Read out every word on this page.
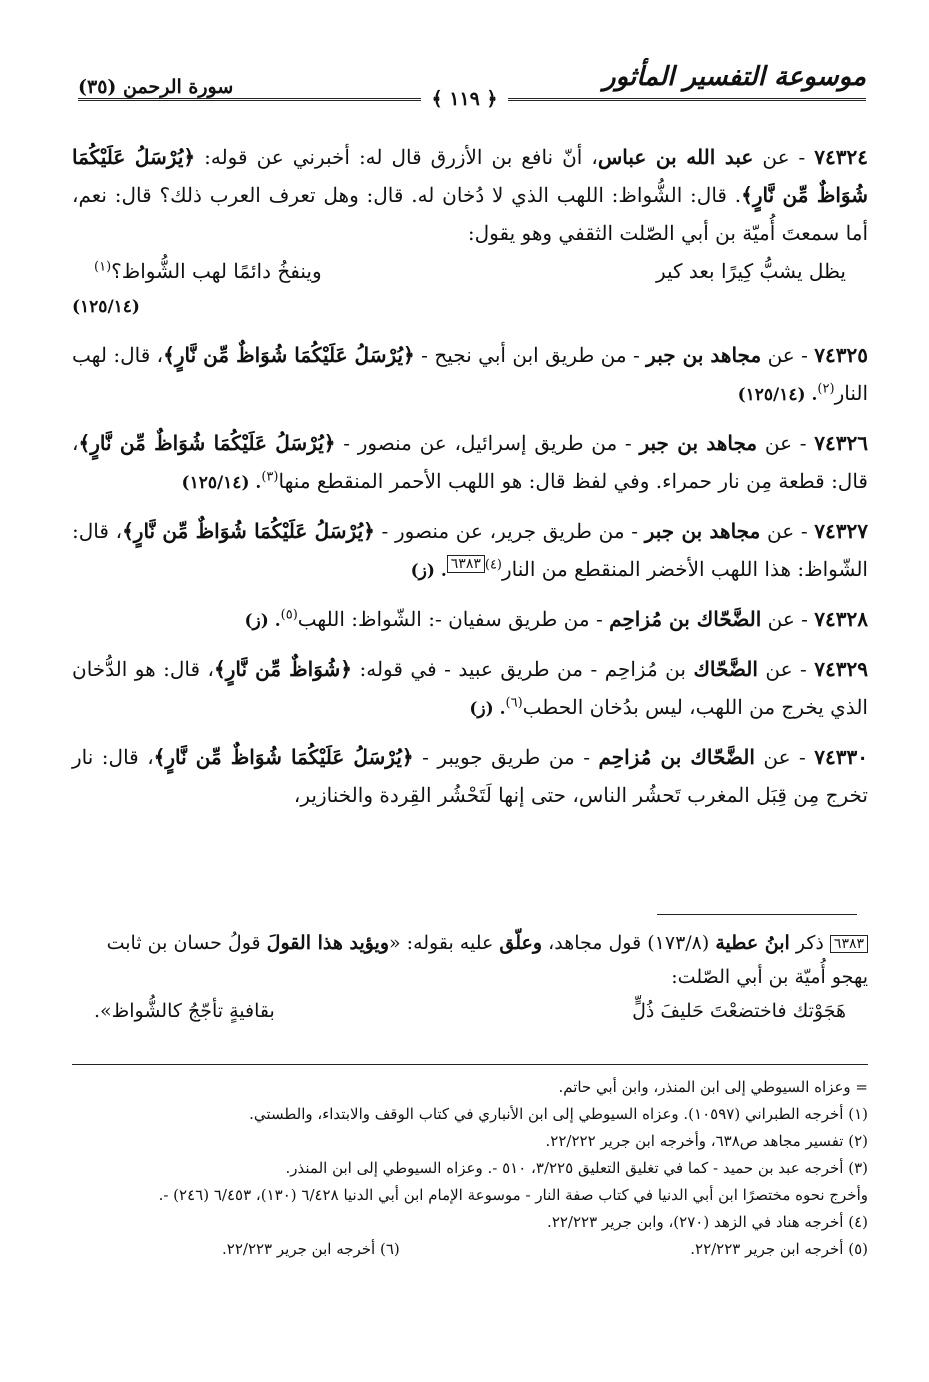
موسوعة التفسير المأثور
سورة الرحمن (٣٥)
﴿ ١١٩ ﴾
٧٤٣٢٤ - عن عبد الله بن عباس، أنّ نافع بن الأزرق قال له: أخبرني عن قوله: ﴿يُرْسَلُ عَلَيْكُمَا شُوَاظٌ مِّن نَّارٍ﴾. قال: الشُّواظ: اللهب الذي لا دُخان له. قال: وهل تعرف العرب ذلك؟ قال: نعم، أما سمعتَ أُميّة بن أبي الصّلت الثقفي وهو يقول:
يظل يشبُّ كِيرًا بعد كير
وينفخُ دائمًا لهب الشُّواظ؟$^{(١)}$
(١٢٥/١٤)
٧٤٣٢٥ - عن مجاهد بن جبر - من طريق ابن أبي نجيح - ﴿يُرْسَلُ عَلَيْكُمَا شُوَاظٌ مِّن نَّارٍ﴾، قال: لهب النار$^{(٢)}$. (١٢٥/١٤)
٧٤٣٢٦ - عن مجاهد بن جبر - من طريق إسرائيل، عن منصور - ﴿يُرْسَلُ عَلَيْكُمَا شُوَاظٌ مِّن نَّارٍ﴾، قال: قطعة مِن نار حمراء. وفي لفظ قال: هو اللهب الأحمر المنقطع منها$^{(٣)}$. (١٢٥/١٤)
٧٤٣٢٧ - عن مجاهد بن جبر - من طريق جرير، عن منصور - ﴿يُرْسَلُ عَلَيْكُمَا شُوَاظٌ مِّن نَّارٍ﴾، قال: الشّواظ: هذا اللهب الأخضر المنقطع من النار$^{(٤)}$٦٣٨٣. (ز)
٧٤٣٢٨ - عن الضَّحّاك بن مُزاحِم - من طريق سفيان -: الشّواظ: اللهب$^{(٥)}$. (ز)
٧٤٣٢٩ - عن الضَّحّاك بن مُزاحِم - من طريق عبيد - في قوله: ﴿شُوَاظٌ مِّن نَّارٍ﴾، قال: هو الدُّخان الذي يخرج من اللهب، ليس بدُخان الحطب$^{(٦)}$. (ز)
٧٤٣٣٠ - عن الضَّحّاك بن مُزاحِم - من طريق جويبر - ﴿يُرْسَلُ عَلَيْكُمَا شُوَاظٌ مِّن نَّارٍ﴾، قال: نار تخرج مِن قِبَل المغرب تَحشُر الناس، حتى إنها لَتَحْشُر القِردة والخنازير،
٦٣٨٣ ذكر ابنُ عطية (١٧٣/٨) قول مجاهد، وعلّق عليه بقوله: «ويؤيد هذا القولَ قولُ حسان بن ثابت يهجو أُميّة بن أبي الصّلت:
هَجَوْتك فاختضعْتَ حَليفَ ذُلٍّ
بقافيةٍ تأجّجُ كالشُّواظ».

= وعزاه السيوطي إلى ابن المنذر، وابن أبي حاتم.

(١) أخرجه الطبراني (١٠٥٩٧). وعزاه السيوطي إلى ابن الأنباري في كتاب الوقف والابتداء، والطستي.

(٢) تفسير مجاهد ص٦٣٨، وأخرجه ابن جرير ٢٢/٢٢٢.

(٣) أخرجه عبد بن حميد - كما في تغليق التعليق ٣/٢٢٥، ٥١٠ -. وعزاه السيوطي إلى ابن المنذر.

وأخرج نحوه مختصرًا ابن أبي الدنيا في كتاب صفة النار - موسوعة الإمام ابن أبي الدنيا ٦/٤٢٨ (١٣٠)، ٦/٤٥٣ (٢٤٦) -.

(٤) أخرجه هناد في الزهد (٢٧٠)، وابن جرير ٢٢/٢٢٣.

(٥) أخرجه ابن جرير ٢٢/٢٢٣.
(٦) أخرجه ابن جرير ٢٢/٢٢٣.
